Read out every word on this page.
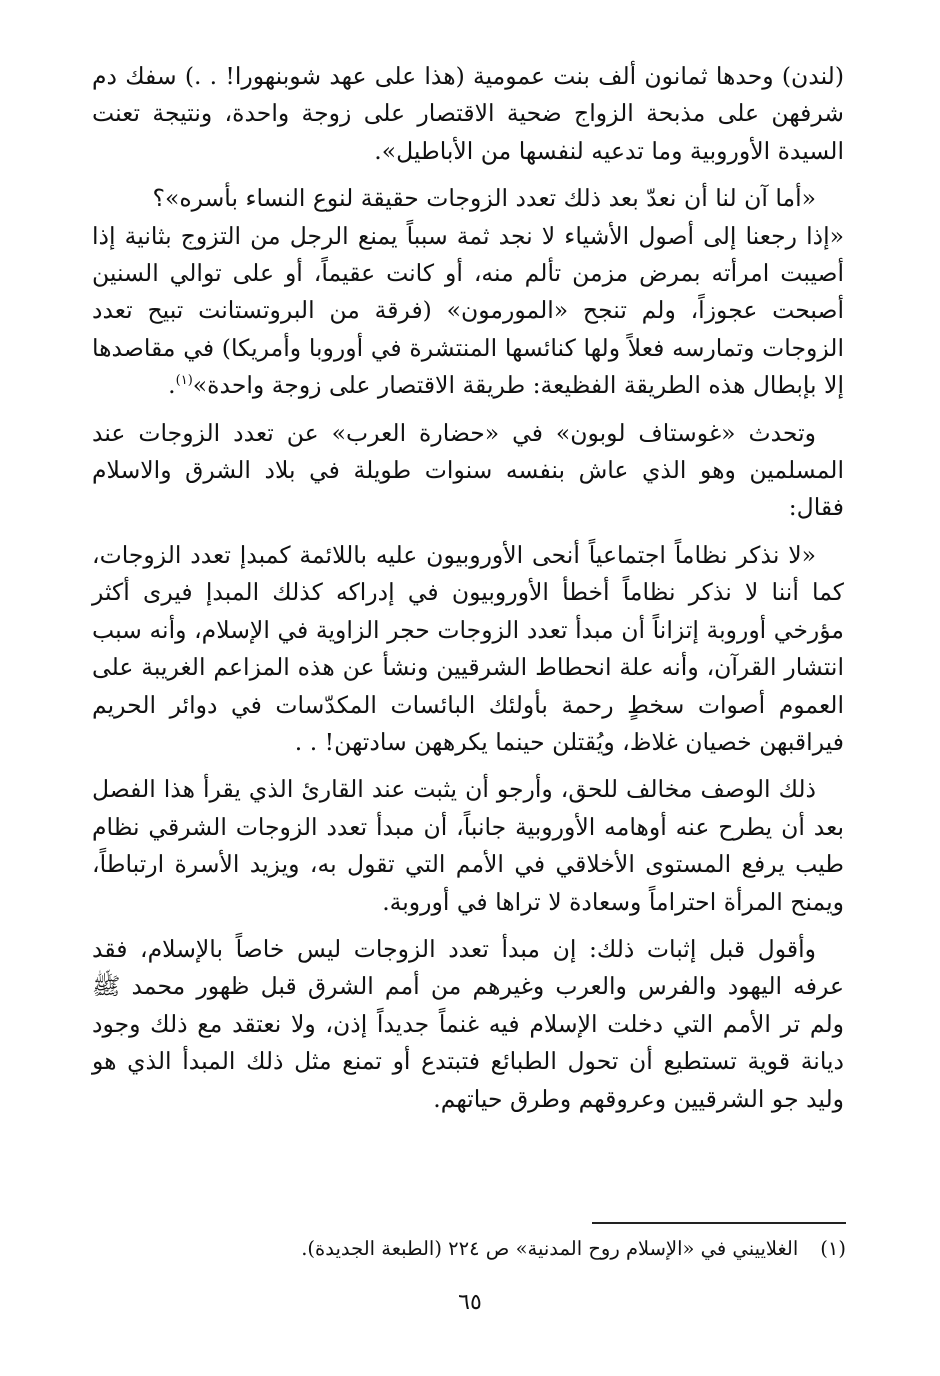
(لندن) وحدها ثمانون ألف بنت عمومية (هذا على عهد شوبنهورا! . .) سفك دم شرفهن على مذبحة الزواج ضحية الاقتصار على زوجة واحدة، ونتيجة تعنت السيدة الأوروبية وما تدعيه لنفسها من الأباطيل».

«أما آن لنا أن نعدّ بعد ذلك تعدد الزوجات حقيقة لنوع النساء بأسره»؟

«إذا رجعنا إلى أصول الأشياء لا نجد ثمة سبباً يمنع الرجل من التزوج بثانية إذا أصيبت امرأته بمرض مزمن تألم منه، أو كانت عقيماً، أو على توالي السنين أصبحت عجوزاً، ولم تنجح «المورمون» (فرقة من البروتستانت تبيح تعدد الزوجات وتمارسه فعلاً ولها كنائسها المنتشرة في أوروبا وأمريكا) في مقاصدها إلا بإبطال هذه الطريقة الفظيعة: طريقة الاقتصار على زوجة واحدة»$^{(١)}$.

وتحدث «غوستاف لوبون» في «حضارة العرب» عن تعدد الزوجات عند المسلمين وهو الذي عاش بنفسه سنوات طويلة في بلاد الشرق والاسلام فقال:

«لا نذكر نظاماً اجتماعياً أنحى الأوروبيون عليه باللائمة كمبدإ تعدد الزوجات، كما أننا لا نذكر نظاماً أخطأ الأوروبيون في إدراكه كذلك المبدإ فيرى أكثر مؤرخي أوروبة إتزاناً أن مبدأ تعدد الزوجات حجر الزاوية في الإسلام، وأنه سبب انتشار القرآن، وأنه علة انحطاط الشرقيين ونشأ عن هذه المزاعم الغريبة على العموم أصوات سخطٍ رحمة بأولئك البائسات المكدّسات في دوائر الحريم فيراقبهن خصيان غلاظ، ويُقتلن حينما يكرههن سادتهن! . .

ذلك الوصف مخالف للحق، وأرجو أن يثبت عند القارئ الذي يقرأ هذا الفصل بعد أن يطرح عنه أوهامه الأوروبية جانباً، أن مبدأ تعدد الزوجات الشرقي نظام طيب يرفع المستوى الأخلاقي في الأمم التي تقول به، ويزيد الأسرة ارتباطاً، ويمنح المرأة احتراماً وسعادة لا تراها في أوروبة.

وأقول قبل إثبات ذلك: إن مبدأ تعدد الزوجات ليس خاصاً بالإسلام، فقد عرفه اليهود والفرس والعرب وغيرهم من أمم الشرق قبل ظهور محمد ﷺ ولم تر الأمم التي دخلت الإسلام فيه غنماً جديداً إذن، ولا نعتقد مع ذلك وجود ديانة قوية تستطيع أن تحول الطبائع فتبتدع أو تمنع مثل ذلك المبدأ الذي هو وليد جو الشرقيين وعروقهم وطرق حياتهم.

(١)الغلاييني في «الإسلام روح المدنية» ص ٢٢٤ (الطبعة الجديدة).
٦٥
